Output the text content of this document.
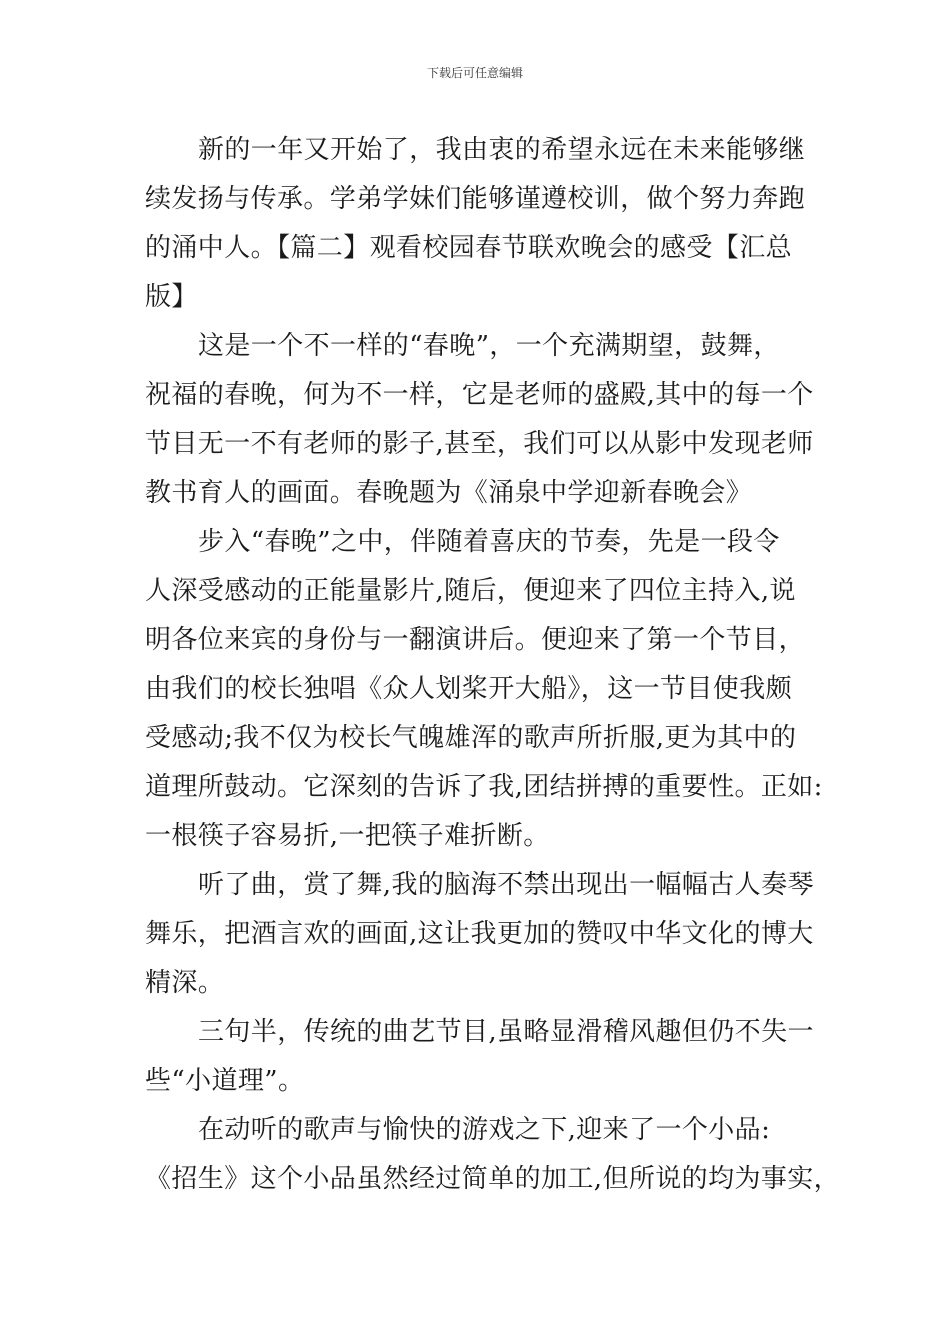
下载后可任意编辑

新的一年又开始了，我由衷的希望永远在未来能够继
续发扬与传承。学弟学妹们能够谨遵校训，做个努力奔跑
的涌中人。【篇二】观看校园春节联欢晚会的感受【汇总
版】

这是一个不一样的“春晚”，一个充满期望，鼓舞，
祝福的春晚，何为不一样，它是老师的盛殿,其中的每一个
节目无一不有老师的影子,甚至，我们可以从影中发现老师
教书育人的画面。春晚题为《涌泉中学迎新春晚会》

步入“春晚”之中，伴随着喜庆的节奏，先是一段令
人深受感动的正能量影片,随后，便迎来了四位主持入,说
明各位来宾的身份与一翻演讲后。便迎来了第一个节目，
由我们的校长独唱《众人划桨开大船》，这一节目使我颇
受感动;我不仅为校长气魄雄浑的歌声所折服,更为其中的
道理所鼓动。它深刻的告诉了我,团结拼搏的重要性。正如:
一根筷子容易折,一把筷子难折断。

听了曲，赏了舞,我的脑海不禁出现出一幅幅古人奏琴
舞乐，把酒言欢的画面,这让我更加的赞叹中华文化的博大
精深。

三句半，传统的曲艺节目,虽略显滑稽风趣但仍不失一
些“小道理”。

在动听的歌声与愉快的游戏之下,迎来了一个小品:
《招生》这个小品虽然经过简单的加工,但所说的均为事实，
